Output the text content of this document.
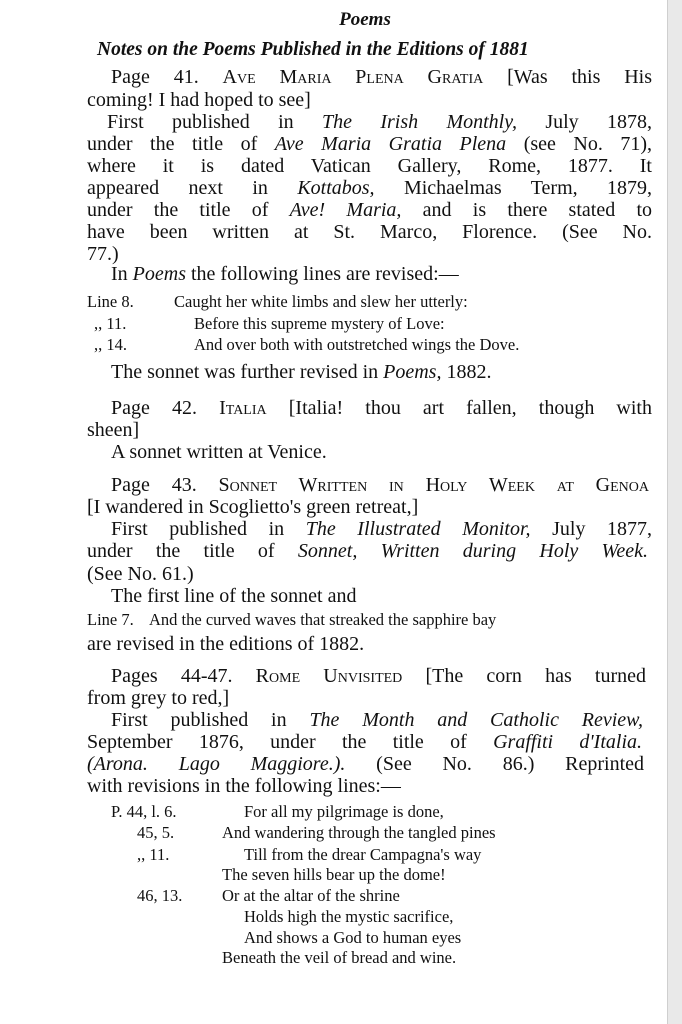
Poems
Notes on the Poems Published in the Editions of 1881
Page 41. Ave Maria Plena Gratia [Was this His
coming! I had hoped to see]
First published in The Irish Monthly, July 1878,
under the title of Ave Maria Gratia Plena (see No. 71),
where it is dated Vatican Gallery, Rome, 1877. It
appeared next in Kottabos, Michaelmas Term, 1879,
under the title of Ave! Maria, and is there stated to
have been written at St. Marco, Florence. (See No.
77.)
In Poems the following lines are revised:—
Line 8. Caught her white limbs and slew her utterly:
,, 11.	Before this supreme mystery of Love:
,, 14.	And over both with outstretched wings the Dove.
The sonnet was further revised in Poems, 1882.
Page 42. Italia [Italia! thou art fallen, though with
sheen]
A sonnet written at Venice.
Page 43. Sonnet Written in Holy Week at Genoa
[I wandered in Scoglietto's green retreat,]
First published in The Illustrated Monitor, July 1877,
under the title of Sonnet, Written during Holy Week.
(See No. 61.)
The first line of the sonnet and
Line 7. And the curved waves that streaked the sapphire bay
are revised in the editions of 1882.
Pages 44-47. Rome Unvisited [The corn has turned
from grey to red,]
First published in The Month and Catholic Review,
September 1876, under the title of Graffiti d'Italia.
(Arona. Lago Maggiore.). (See No. 86.) Reprinted
with revisions in the following lines:—
P. 44, l. 6.	For all my pilgrimage is done,
45, 5.	And wandering through the tangled pines
,, 11.	Till from the drear Campagna's way
The seven hills bear up the dome!
46, 13. Or at the altar of the shrine
Holds high the mystic sacrifice,
And shows a God to human eyes
Beneath the veil of bread and wine.
